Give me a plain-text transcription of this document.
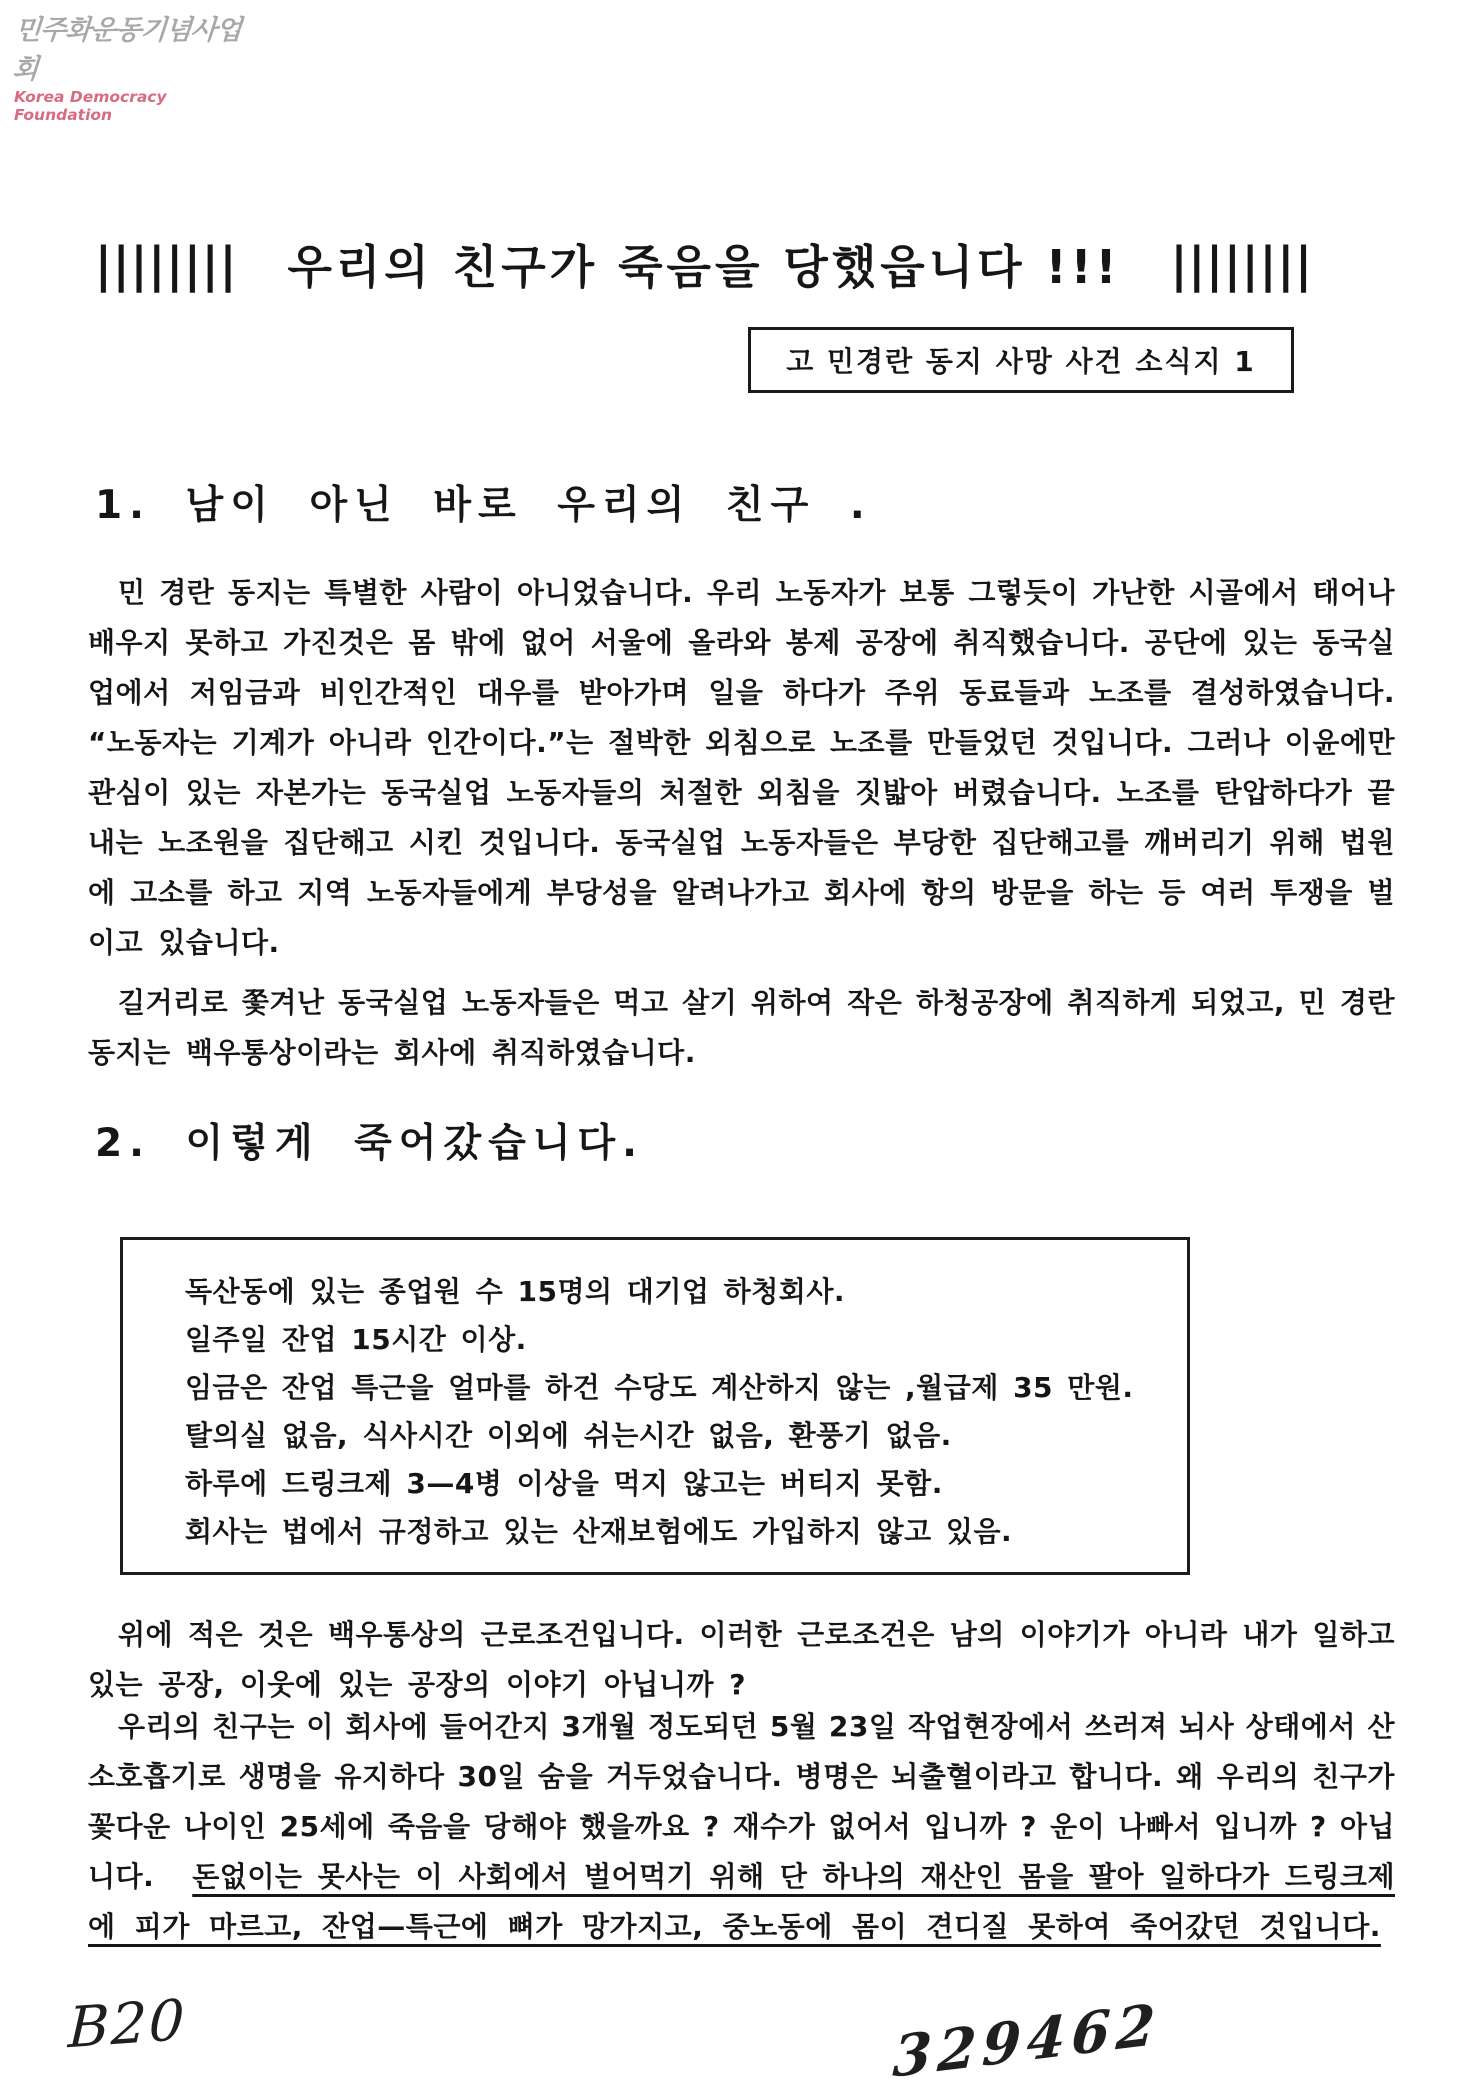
민주화운동기념사업회
Korea Democracy Foundation
|||||||| 우리의 친구가 죽음을 당했읍니다 !!! ||||||||
고 민경란 동지 사망 사건 소식지 1
1. 남이 아닌 바로 우리의 친구 .
민 경란 동지는 특별한 사람이 아니었습니다. 우리 노동자가 보통 그렇듯이 가난한 시골에서 태어나
배우지 못하고 가진것은 몸 밖에 없어 서울에 올라와 봉제 공장에 취직했습니다. 공단에 있는 동국실
업에서 저임금과 비인간적인 대우를 받아가며 일을 하다가 주위 동료들과 노조를 결성하였습니다.
“노동자는 기계가 아니라 인간이다.”는 절박한 외침으로 노조를 만들었던 것입니다. 그러나 이윤에만
관심이 있는 자본가는 동국실업 노동자들의 처절한 외침을 짓밟아 버렸습니다. 노조를 탄압하다가 끝
내는 노조원을 집단해고 시킨 것입니다. 동국실업 노동자들은 부당한 집단해고를 깨버리기 위해 법원
에 고소를 하고 지역 노동자들에게 부당성을 알려나가고 회사에 항의 방문을 하는 등 여러 투쟁을 벌
이고 있습니다.
길거리로 쫓겨난 동국실업 노동자들은 먹고 살기 위하여 작은 하청공장에 취직하게 되었고, 민 경란
동지는 백우통상이라는 회사에 취직하였습니다.
2. 이렇게 죽어갔습니다.
독산동에 있는 종업원 수 15명의 대기업 하청회사.
일주일 잔업 15시간 이상.
임금은 잔업 특근을 얼마를 하건 수당도 계산하지 않는 ,월급제 35 만원.
탈의실 없음, 식사시간 이외에 쉬는시간 없음, 환풍기 없음.
하루에 드링크제 3—4병 이상을 먹지 않고는 버티지 못함.
회사는 법에서 규정하고 있는 산재보험에도 가입하지 않고 있음.
위에 적은 것은 백우통상의 근로조건입니다. 이러한 근로조건은 남의 이야기가 아니라 내가 일하고
있는 공장, 이웃에 있는 공장의 이야기 아닙니까 ?
우리의 친구는 이 회사에 들어간지 3개월 정도되던 5월 23일 작업현장에서 쓰러져 뇌사 상태에서 산
소호흡기로 생명을 유지하다 30일 숨을 거두었습니다. 병명은 뇌출혈이라고 합니다. 왜 우리의 친구가
꽃다운 나이인 25세에 죽음을 당해야 했을까요 ? 재수가 없어서 입니까 ? 운이 나빠서 입니까 ? 아닙
니다. 돈없이는 못사는 이 사회에서 벌어먹기 위해 단 하나의 재산인 몸을 팔아 일하다가 드링크제
에 피가 마르고, 잔업—특근에 뼈가 망가지고, 중노동에 몸이 견디질 못하여 죽어갔던 것입니다.
B20	329462
